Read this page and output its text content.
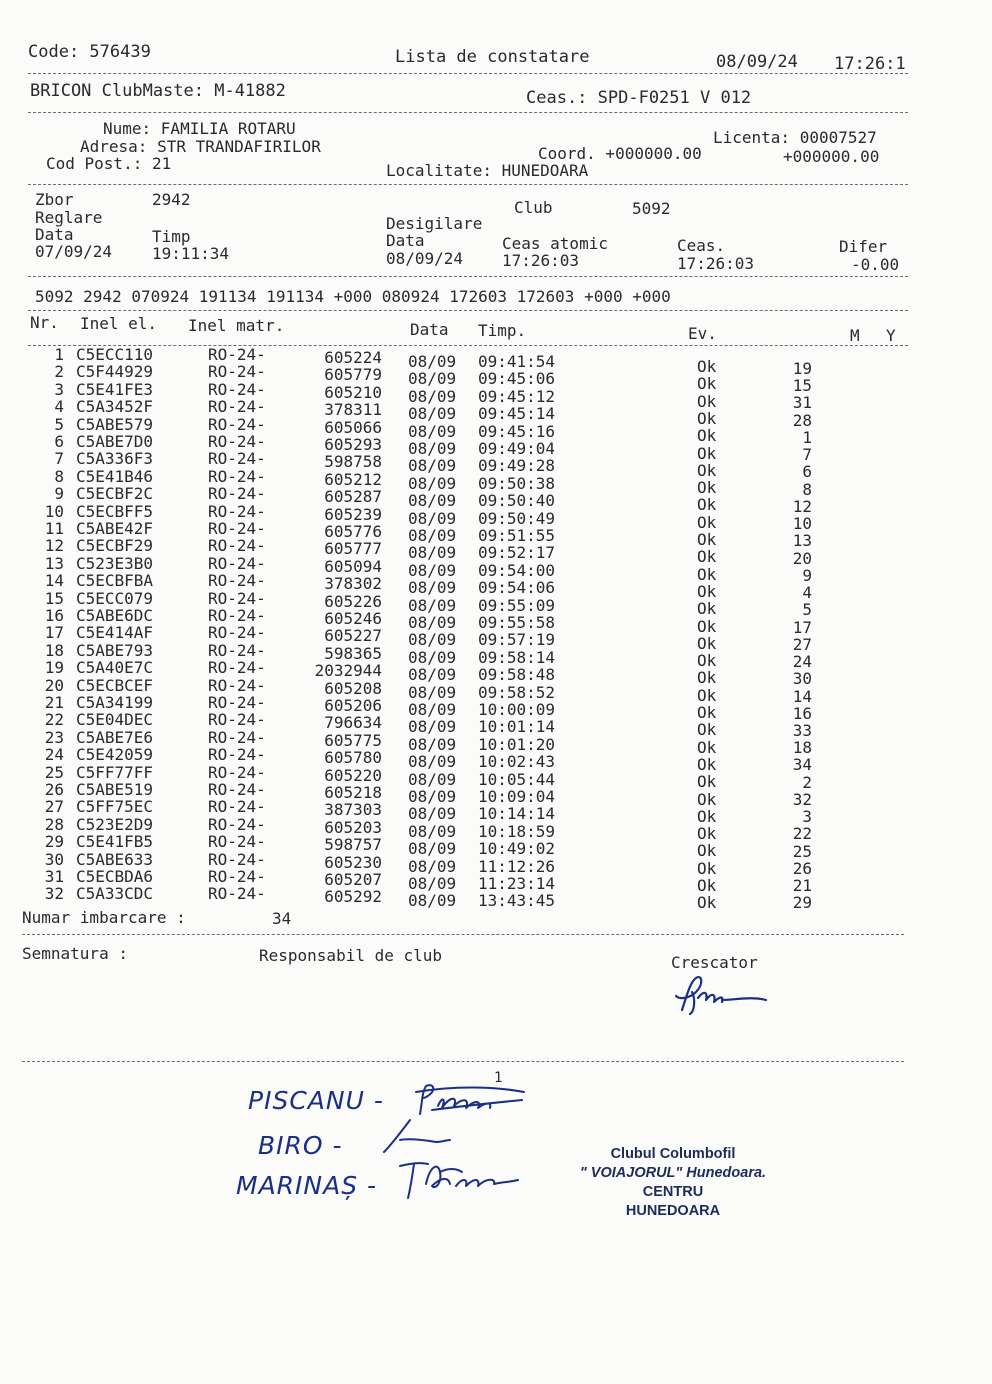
Code: 576439	Lista de constatare	08/09/24 17:26:1
BRICON ClubMaste: M-41882	Ceas.: SPD-F0251 V 012
Nume: FAMILIA ROTARU
Adresa: STR TRANDAFIRILOR
Cod Post.: 21
Licenta: 00007527
Coord. +000000.00	+000000.00
Localitate: HUNEDOARA
Zbor	2942	Club	5092
Reglare	Desigilare
Data	Timp	Data	Ceas atomic	Ceas.	Difer
07/09/24 19:11:34	08/09/24 17:26:03	17:26:03	-0.00
5092 2942 070924 191134 191134 +000 080924 172603 172603 +000 +000
Nr. Inel el. Inel matr.	Data Timp.	Ev.	M Y
1 C5ECC110	RO-24-	605224 08/09 09:41:54	Ok	19
2 C5F44929	RO-24-	605779 08/09 09:45:06	Ok	15
3 C5E41FE3	RO-24-	605210 08/09 09:45:12	Ok	31
4 C5A3452F	RO-24-	378311 08/09 09:45:14	Ok	28
5 C5ABE579	RO-24-	605066 08/09 09:45:16	Ok	1
6 C5ABE7D0	RO-24-	605293 08/09 09:49:04	Ok	7
7 C5A336F3	RO-24-	598758 08/09 09:49:28	Ok	6
8 C5E41B46	RO-24-	605212 08/09 09:50:38	Ok	8
9 C5ECBF2C	RO-24-	605287 08/09 09:50:40	Ok	12
10 C5ECBFF5	RO-24-	605239 08/09 09:50:49	Ok	10
11 C5ABE42F	RO-24-	605776 08/09 09:51:55	Ok	13
12 C5ECBF29	RO-24-	605777 08/09 09:52:17	Ok	20
13 C523E3B0	RO-24-	605094 08/09 09:54:00	Ok	9
14 C5ECBFBA	RO-24-	378302 08/09 09:54:06	Ok	4
15 C5ECC079	RO-24-	605226 08/09 09:55:09	Ok	5
16 C5ABE6DC	RO-24-	605246 08/09 09:55:58	Ok	17
17 C5E414AF	RO-24-	605227 08/09 09:57:19	Ok	27
18 C5ABE793	RO-24-	598365 08/09 09:58:14	Ok	24
19 C5A40E7C	RO-24-	2032944 08/09 09:58:48	Ok	30
20 C5ECBCEF	RO-24-	605208 08/09 09:58:52	Ok	14
21 C5A34199	RO-24-	605206 08/09 10:00:09	Ok	16
22 C5E04DEC	RO-24-	796634 08/09 10:01:14	Ok	33
23 C5ABE7E6	RO-24-	605775 08/09 10:01:20	Ok	18
24 C5E42059	RO-24-	605780 08/09 10:02:43	Ok	34
25 C5FF77FF	RO-24-	605220 08/09 10:05:44	Ok	2
26 C5ABE519	RO-24-	605218 08/09 10:09:04	Ok	32
27 C5FF75EC	RO-24-	387303 08/09 10:14:14	Ok	3
28 C523E2D9	RO-24-	605203 08/09 10:18:59	Ok	22
29 C5E41FB5	RO-24-	598757 08/09 10:49:02	Ok	25
30 C5ABE633	RO-24-	605230 08/09 11:12:26	Ok	26
31 C5ECBDA6	RO-24-	605207 08/09 11:23:14	Ok	21
32 C5A33CDC	RO-24-	605292 08/09 13:43:45	Ok	29
Numar imbarcare :	34
Semnatura :	Responsabil de club	Crescator
1
PISCANU -
BIRO -
MARINAȘ -
Clubul Columbofil
" VOIAJORUL" Hunedoara.
CENTRU
HUNEDOARA
